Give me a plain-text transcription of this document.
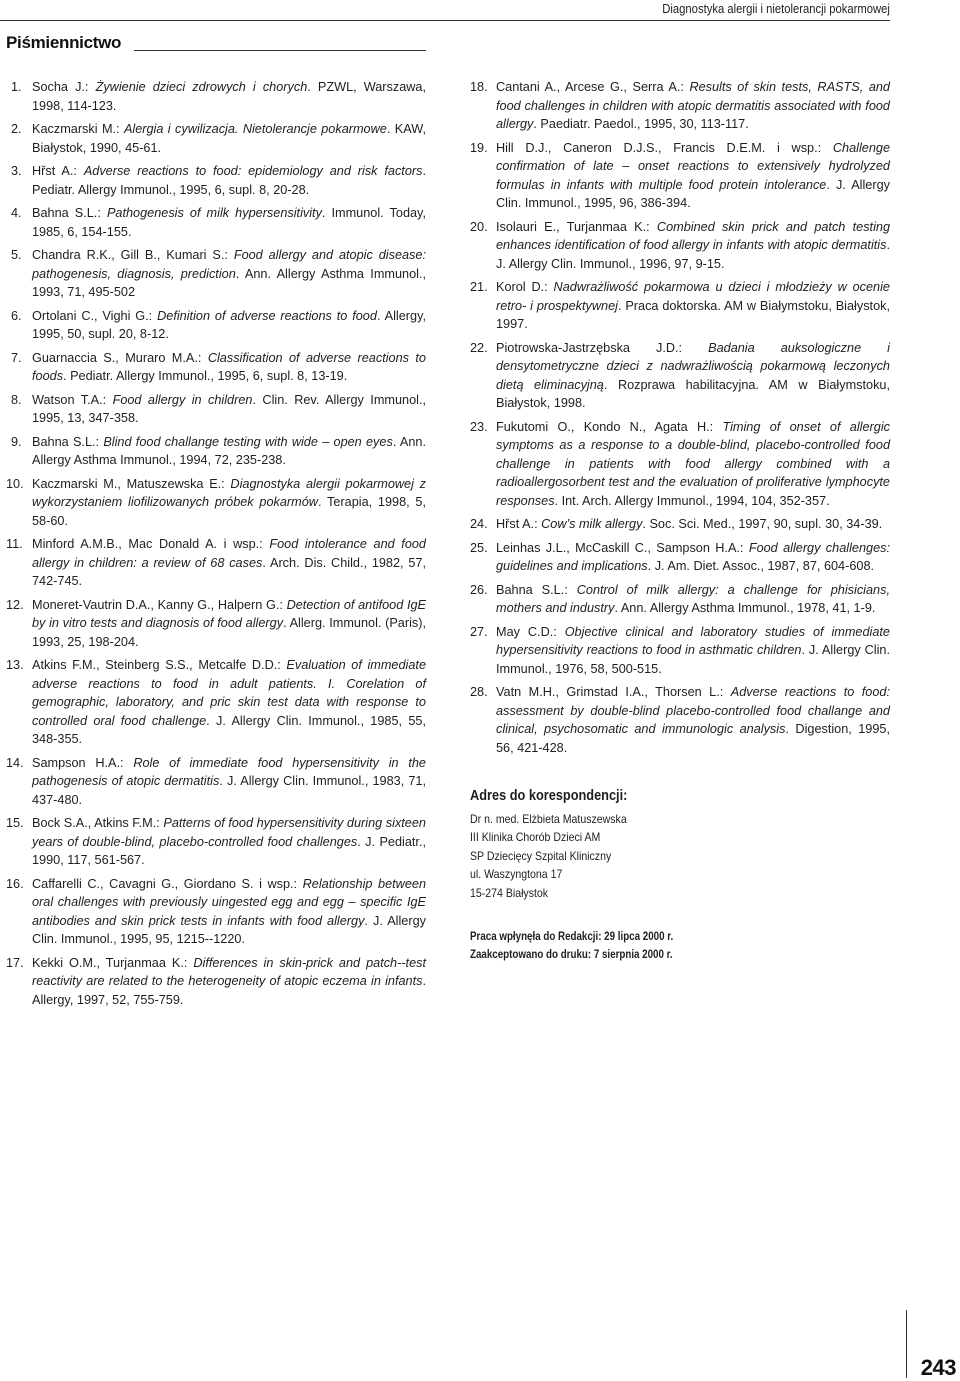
Diagnostyka alergii i nietolerancji pokarmowej
Piśmiennictwo
1. Socha J.: Żywienie dzieci zdrowych i chorych. PZWL, Warszawa, 1998, 114-123.
2. Kaczmarski M.: Alergia i cywilizacja. Nietolerancje pokarmowe. KAW, Białystok, 1990, 45-61.
3. Hřst A.: Adverse reactions to food: epidemiology and risk factors. Pediatr. Allergy Immunol., 1995, 6, supl. 8, 20-28.
4. Bahna S.L.: Pathogenesis of milk hypersensitivity. Immunol. Today, 1985, 6, 154-155.
5. Chandra R.K., Gill B., Kumari S.: Food allergy and atopic disease: pathogenesis, diagnosis, prediction. Ann. Allergy Asthma Immunol., 1993, 71, 495-502
6. Ortolani C., Vighi G.: Definition of adverse reactions to food. Allergy, 1995, 50, supl. 20, 8-12.
7. Guarnaccia S., Muraro M.A.: Classification of adverse reactions to foods. Pediatr. Allergy Immunol., 1995, 6, supl. 8, 13-19.
8. Watson T.A.: Food allergy in children. Clin. Rev. Allergy Immunol., 1995, 13, 347-358.
9. Bahna S.L.: Blind food challange testing with wide – open eyes. Ann. Allergy Asthma Immunol., 1994, 72, 235-238.
10. Kaczmarski M., Matuszewska E.: Diagnostyka alergii pokarmowej z wykorzystaniem liofilizowanych próbek pokarmów. Terapia, 1998, 5, 58-60.
11. Minford A.M.B., Mac Donald A. i wsp.: Food intolerance and food allergy in children: a review of 68 cases. Arch. Dis. Child., 1982, 57, 742-745.
12. Moneret-Vautrin D.A., Kanny G., Halpern G.: Detection of antifood IgE by in vitro tests and diagnosis of food allergy. Allerg. Immunol. (Paris), 1993, 25, 198-204.
13. Atkins F.M., Steinberg S.S., Metcalfe D.D.: Evaluation of immediate adverse reactions to food in adult patients. I. Corelation of gemographic, laboratory, and pric skin test data with response to controlled oral food challenge. J. Allergy Clin. Immunol., 1985, 55, 348-355.
14. Sampson H.A.: Role of immediate food hypersensitivity in the pathogenesis of atopic dermatitis. J. Allergy Clin. Immunol., 1983, 71, 437-480.
15. Bock S.A., Atkins F.M.: Patterns of food hypersensitivity during sixteen years of double-blind, placebo-controlled food challenges. J. Pediatr., 1990, 117, 561-567.
16. Caffarelli C., Cavagni G., Giordano S. i wsp.: Relationship between oral challenges with previously uingested egg and egg – specific IgE antibodies and skin prick tests in infants with food allergy. J. Allergy Clin. Immunol., 1995, 95, 1215--1220.
17. Kekki O.M., Turjanmaa K.: Differences in skin-prick and patch--test reactivity are related to the heterogeneity of atopic eczema in infants. Allergy, 1997, 52, 755-759.
18. Cantani A., Arcese G., Serra A.: Results of skin tests, RASTS, and food challenges in children with atopic dermatitis associated with food allergy. Paediatr. Paedol., 1995, 30, 113-117.
19. Hill D.J., Caneron D.J.S., Francis D.E.M. i wsp.: Challenge confirmation of late – onset reactions to extensively hydrolyzed formulas in infants with multiple food protein intolerance. J. Allergy Clin. Immunol., 1995, 96, 386-394.
20. Isolauri E., Turjanmaa K.: Combined skin prick and patch testing enhances identification of food allergy in infants with atopic dermatitis. J. Allergy Clin. Immunol., 1996, 97, 9-15.
21. Korol D.: Nadwrażliwość pokarmowa u dzieci i młodzieży w ocenie retro- i prospektywnej. Praca doktorska. AM w Białymstoku, Białystok, 1997.
22. Piotrowska-Jastrzębska J.D.: Badania auksologiczne i densytometryczne dzieci z nadwrażliwością pokarmową leczonych dietą eliminacyjną. Rozprawa habilitacyjna. AM w Białymstoku, Białystok, 1998.
23. Fukutomi O., Kondo N., Agata H.: Timing of onset of allergic symptoms as a response to a double-blind, placebo-controlled food challenge in patients with food allergy combined with a radioallergosorbent test and the evaluation of proliferative lymphocyte responses. Int. Arch. Allergy Immunol., 1994, 104, 352-357.
24. Hřst A.: Cow’s milk allergy. Soc. Sci. Med., 1997, 90, supl. 30, 34-39.
25. Leinhas J.L., McCaskill C., Sampson H.A.: Food allergy challenges: guidelines and implications. J. Am. Diet. Assoc., 1987, 87, 604-608.
26. Bahna S.L.: Control of milk allergy: a challenge for phisicians, mothers and industry. Ann. Allergy Asthma Immunol., 1978, 41, 1-9.
27. May C.D.: Objective clinical and laboratory studies of immediate hypersensitivity reactions to food in asthmatic children. J. Allergy Clin. Immunol., 1976, 58, 500-515.
28. Vatn M.H., Grimstad I.A., Thorsen L.: Adverse reactions to food: assessment by double-blind placebo-controlled food challange and clinical, psychosomatic and immunologic analysis. Digestion, 1995, 56, 421-428.
Adres do korespondencji:
Dr n. med. Elżbieta Matuszewska
III Klinika Chorób Dzieci AM
SP Dziecięcy Szpital Kliniczny
ul. Waszyngtona 17
15-274 Białystok
Praca wpłynęła do Redakcji: 29 lipca 2000 r.
Zaakceptowano do druku: 7 sierpnia 2000 r.
243
